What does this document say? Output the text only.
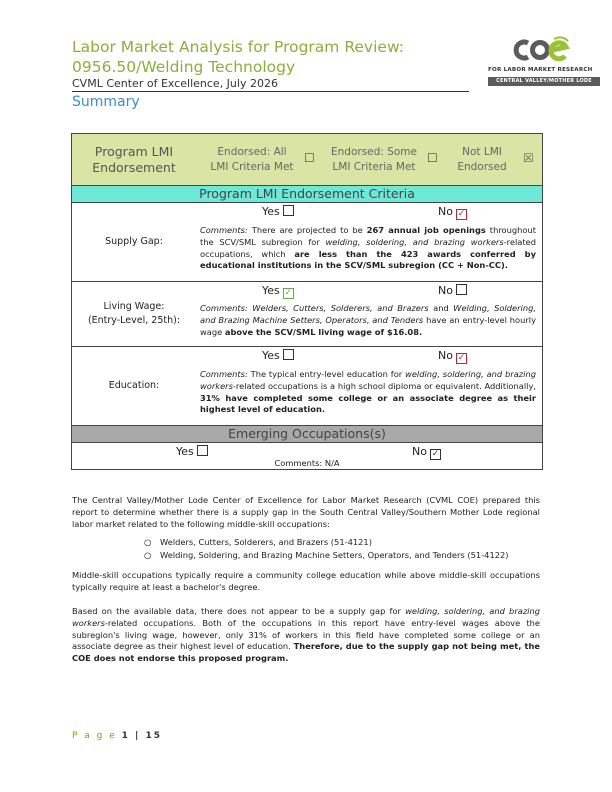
Labor Market Analysis for Program Review:
0956.50/Welding Technology
CVML Center of Excellence, July 2026
Summary
FOR LABOR MARKET RESEARCH
CENTRAL VALLEY/MOTHER LODE
Program LMI
Endorsement
Endorsed: All
LMI Criteria Met
☐ Endorsed: Some
LMI Criteria Met
☐ Not LMI
Endorsed
☒
Program LMI Endorsement Criteria
Supply Gap:
Yes	No ✓
Comments: There are projected to be 267 annual job openings throughout the SCV/SML subregion for welding, soldering, and brazing workers-related occupations, which are less than the 423 awards conferred by educational institutions in the SCV/SML subregion (CC + Non-CC).
Living Wage:
(Entry-Level, 25th):
Yes ✓	No
Comments: Welders, Cutters, Solderers, and Brazers and Welding, Soldering, and Brazing Machine Setters, Operators, and Tenders have an entry-level hourly wage above the SCV/SML living wage of $16.08.
Education:
Yes	No ✓
Comments: The typical entry-level education for welding, soldering, and brazing workers-related occupations is a high school diploma or equivalent. Additionally, 31% have completed some college or an associate degree as their highest level of education.
Emerging Occupations(s)
Yes	No ✓
Comments: N/A
The Central Valley/Mother Lode Center of Excellence for Labor Market Research (CVML COE) prepared this report to determine whether there is a supply gap in the South Central Valley/Southern Mother Lode regional labor market related to the following middle-skill occupations:
○ Welders, Cutters, Solderers, and Brazers (51-4121)
○ Welding, Soldering, and Brazing Machine Setters, Operators, and Tenders (51-4122)
Middle-skill occupations typically require a community college education while above middle-skill occupations typically require at least a bachelor's degree.
Based on the available data, there does not appear to be a supply gap for welding, soldering, and brazing workers-related occupations. Both of the occupations in this report have entry-level wages above the subregion's living wage, however, only 31% of workers in this field have completed some college or an associate degree as their highest level of education. Therefore, due to the supply gap not being met, the COE does not endorse this proposed program.
P a g e 1 | 15
